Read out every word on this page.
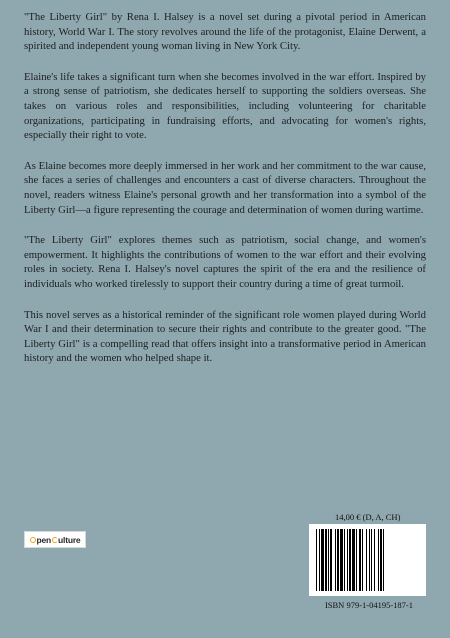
"The Liberty Girl" by Rena I. Halsey is a novel set during a pivotal period in American history, World War I. The story revolves around the life of the protagonist, Elaine Derwent, a spirited and independent young woman living in New York City.

Elaine's life takes a significant turn when she becomes involved in the war effort. Inspired by a strong sense of patriotism, she dedicates herself to supporting the soldiers overseas. She takes on various roles and responsibilities, including volunteering for charitable organizations, participating in fundraising efforts, and advocating for women's rights, especially their right to vote.

As Elaine becomes more deeply immersed in her work and her commitment to the war cause, she faces a series of challenges and encounters a cast of diverse characters. Throughout the novel, readers witness Elaine's personal growth and her transformation into a symbol of the Liberty Girl—a figure representing the courage and determination of women during wartime.

"The Liberty Girl" explores themes such as patriotism, social change, and women's empowerment. It highlights the contributions of women to the war effort and their evolving roles in society. Rena I. Halsey's novel captures the spirit of the era and the resilience of individuals who worked tirelessly to support their country during a time of great turmoil.

This novel serves as a historical reminder of the significant role women played during World War I and their determination to secure their rights and contribute to the greater good. "The Liberty Girl" is a compelling read that offers insight into a transformative period in American history and the women who helped shape it.

pen ulture
14,00 € (D, A, CH)
ISBN 979-1-04195-187-1
